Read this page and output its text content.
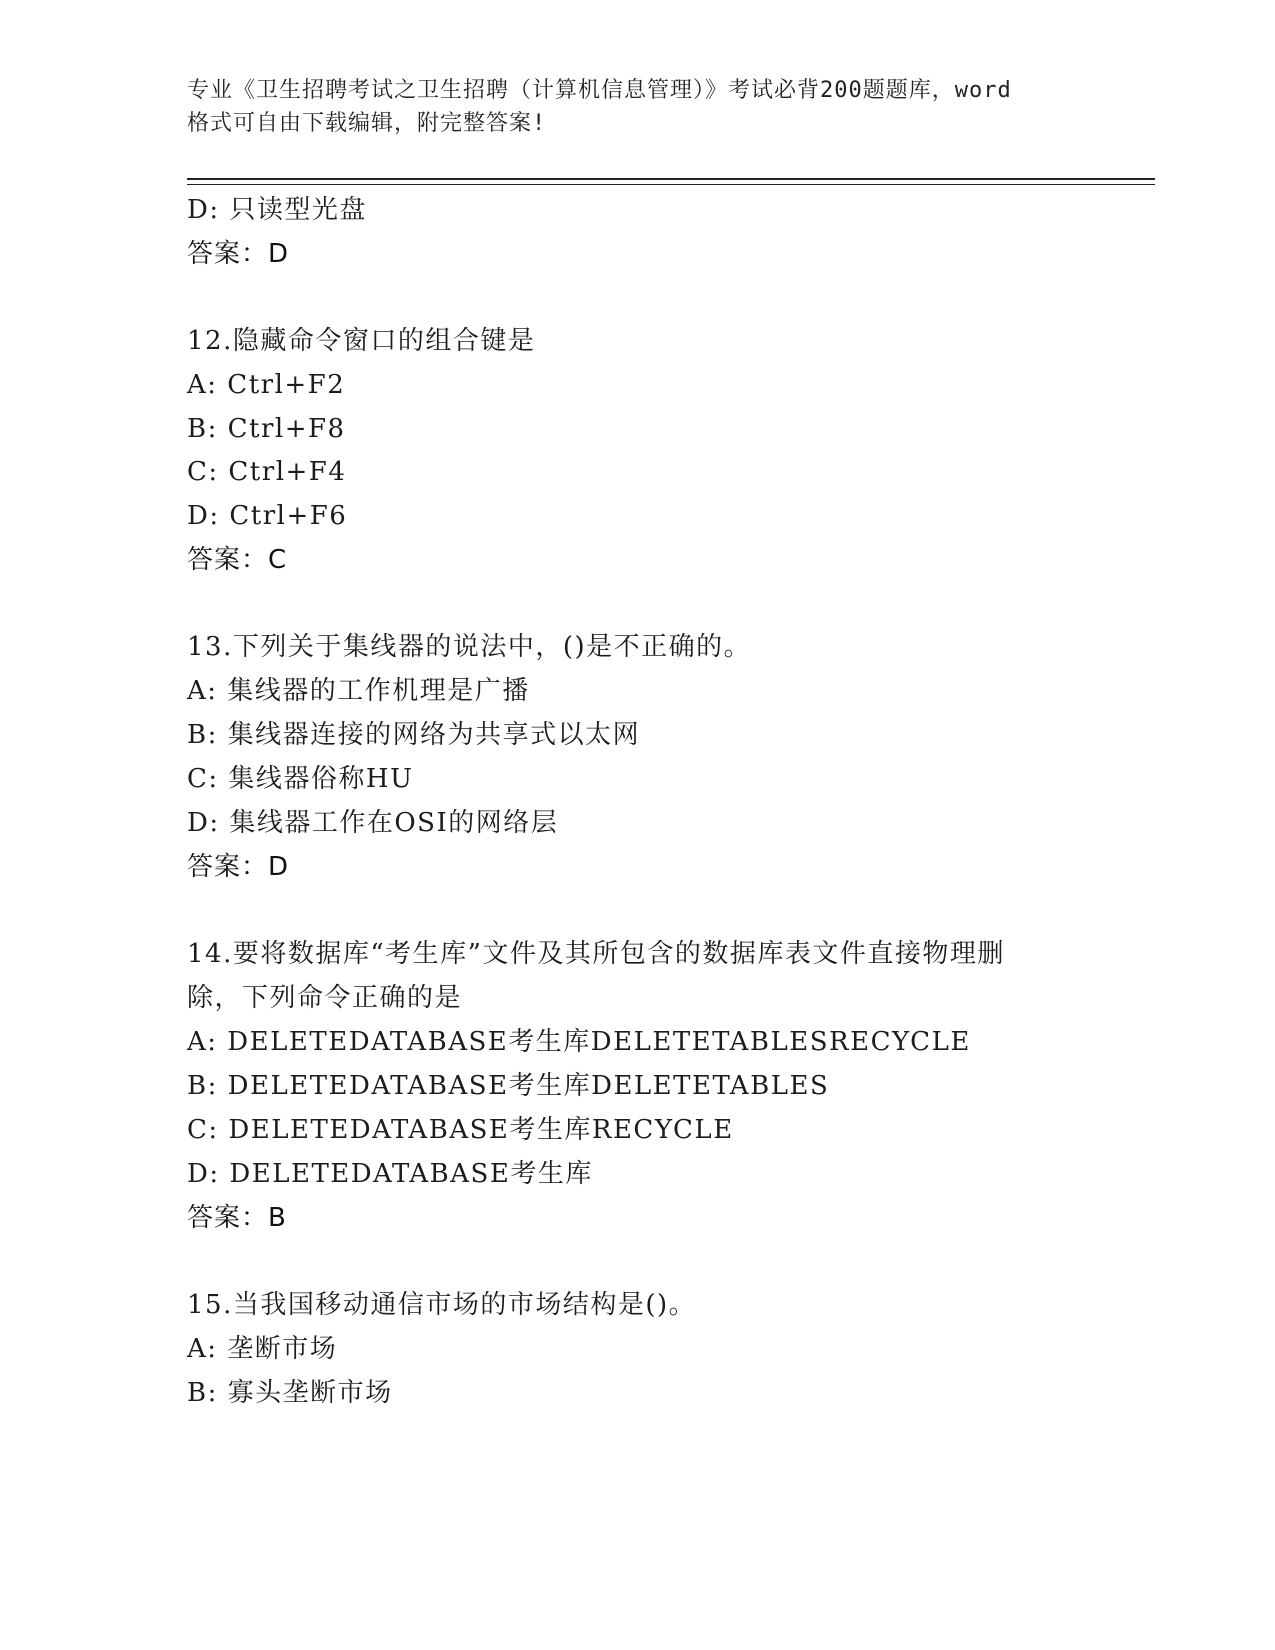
专业《卫生招聘考试之卫生招聘（计算机信息管理）》考试必背200题题库，word
格式可自由下载编辑，附完整答案!
D: 只读型光盘
答案：D
12.隐藏命令窗口的组合键是
A: Ctrl+F2
B: Ctrl+F8
C: Ctrl+F4
D: Ctrl+F6
答案：C
13.下列关于集线器的说法中，()是不正确的。
A: 集线器的工作机理是广播
B: 集线器连接的网络为共享式以太网
C: 集线器俗称HU
D: 集线器工作在OSI的网络层
答案：D
14.要将数据库“考生库”文件及其所包含的数据库表文件直接物理删
除，下列命令正确的是
A: DELETEDATABASE考生库DELETETABLESRECYCLE
B: DELETEDATABASE考生库DELETETABLES
C: DELETEDATABASE考生库RECYCLE
D: DELETEDATABASE考生库
答案：B
15.当我国移动通信市场的市场结构是()。
A: 垄断市场
B: 寡头垄断市场
